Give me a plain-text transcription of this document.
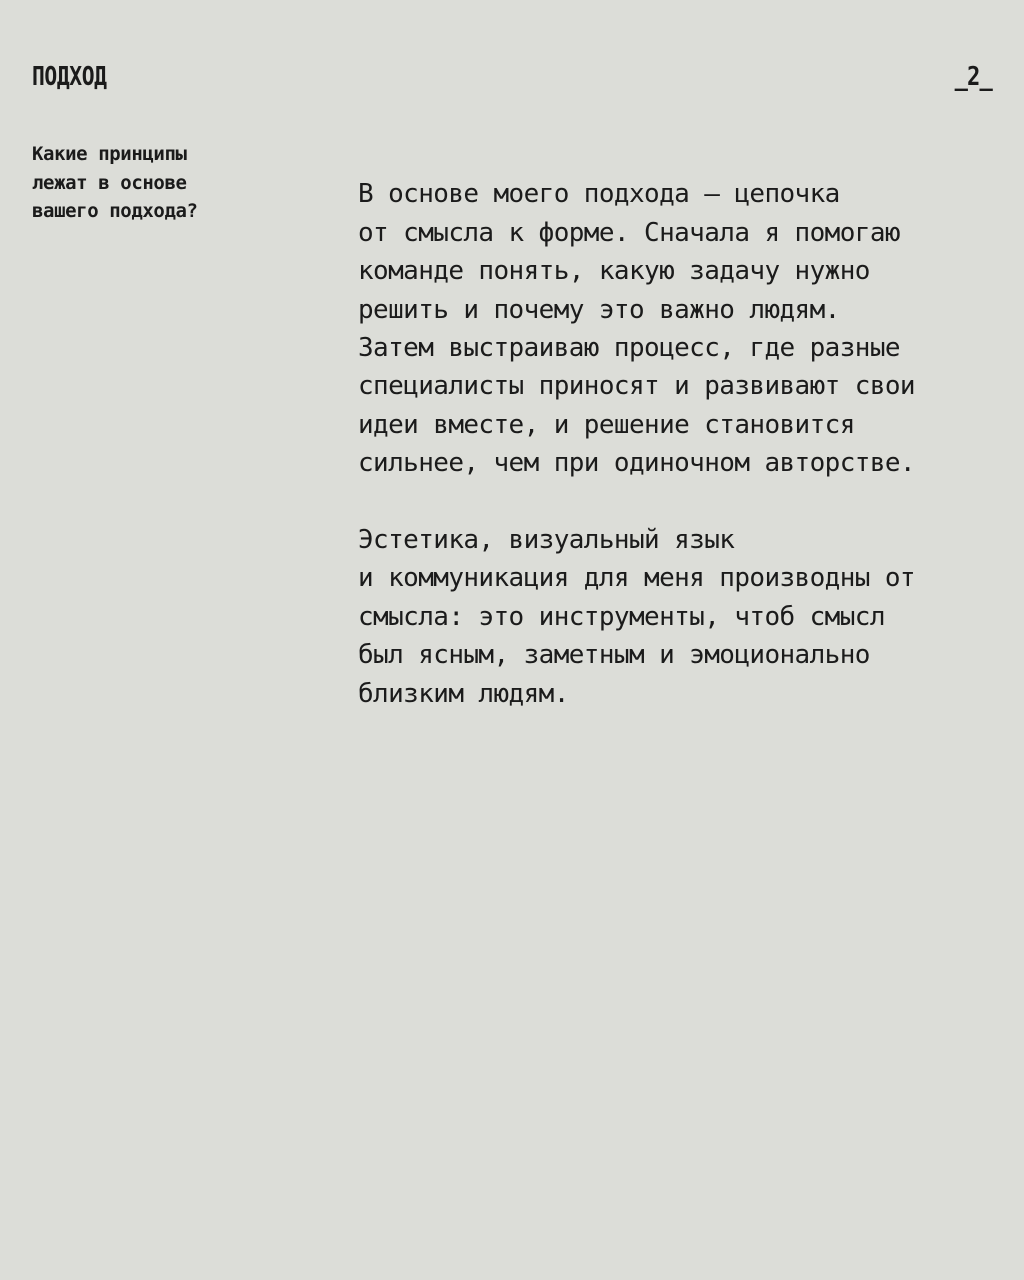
ПОДХОД	_2_
Какие принципы
лежат в основе
вашего подхода?

В основе моего подхода — цепочка
от смысла к форме. Сначала я помогаю
команде понять, какую задачу нужно
решить и почему это важно людям.
Затем выстраиваю процесс, где разные
специалисты приносят и развивают свои
идеи вместе, и решение становится
сильнее, чем при одиночном авторстве.

Эстетика, визуальный язык
и коммуникация для меня производны от
смысла: это инструменты, чтоб смысл
был ясным, заметным и эмоционально
близким людям.
